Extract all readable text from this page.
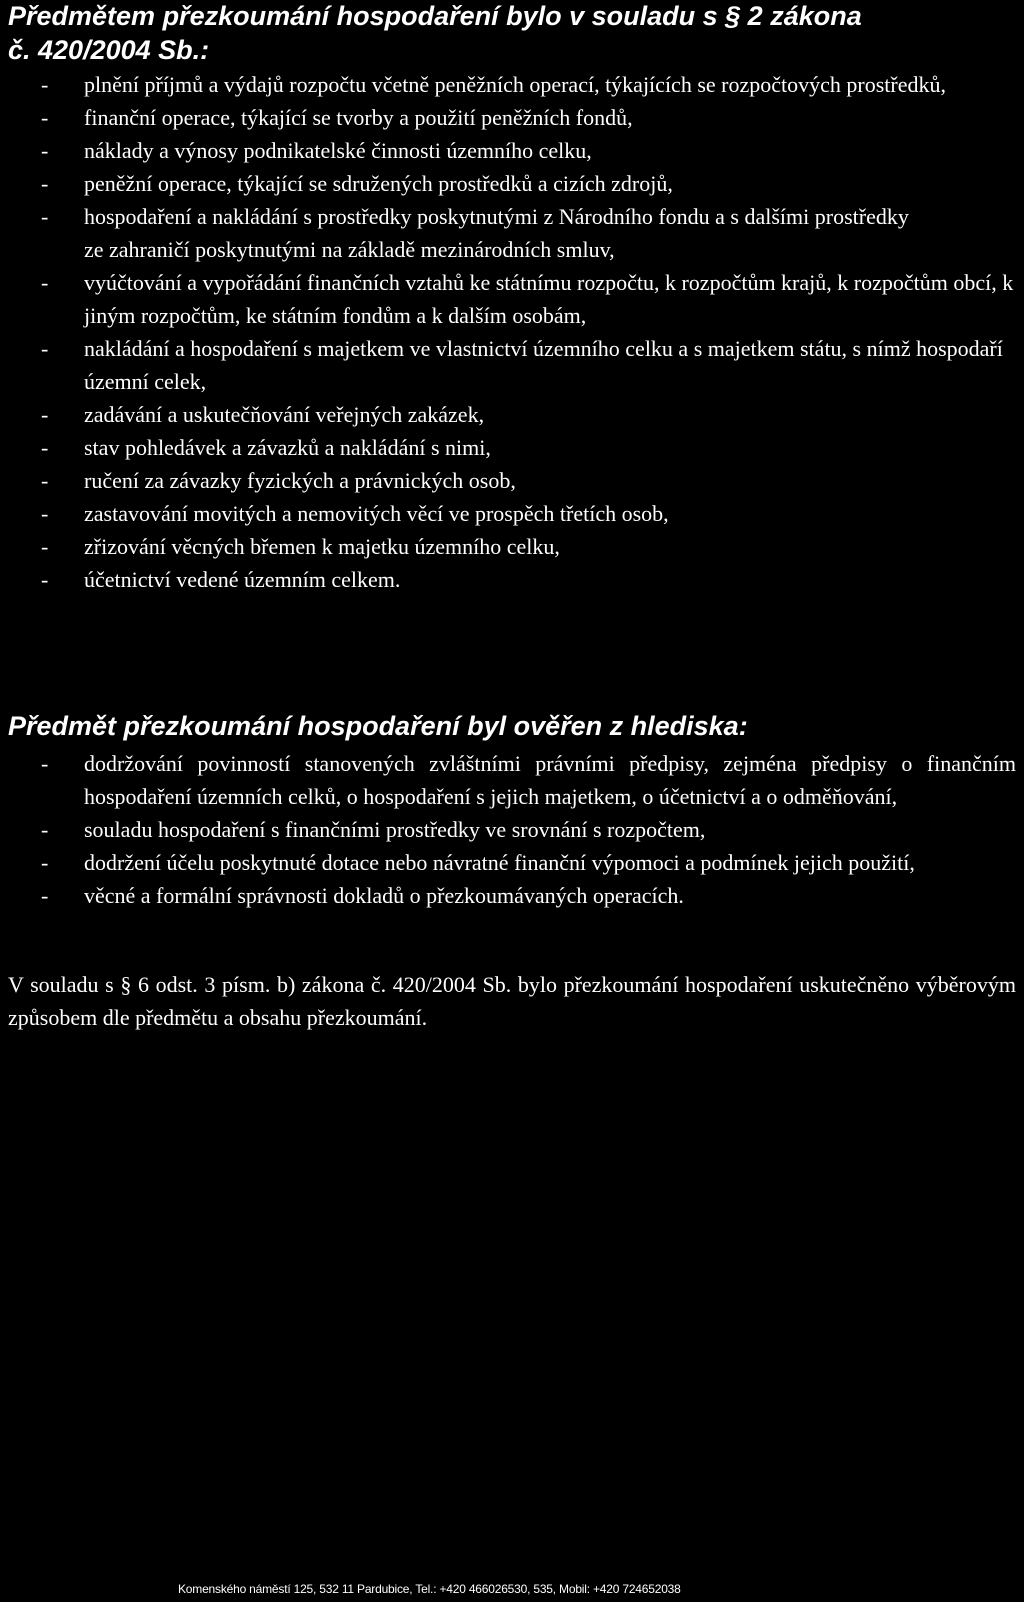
Předmětem přezkoumání hospodaření bylo v souladu s § 2 zákona
č. 420/2004 Sb.:
- plnění příjmů a výdajů rozpočtu včetně peněžních operací, týkajících se rozpočtových prostředků,
- finanční operace, týkající se tvorby a použití peněžních fondů,
- náklady a výnosy podnikatelské činnosti územního celku,
- peněžní operace, týkající se sdružených prostředků a cizích zdrojů,
- hospodaření a nakládání s prostředky poskytnutými z Národního fondu a s dalšími prostředky
ze zahraničí poskytnutými na základě mezinárodních smluv,
- vyúčtování a vypořádání finančních vztahů ke státnímu rozpočtu, k rozpočtům krajů, k rozpočtům obcí, k jiným rozpočtům, ke státním fondům a k dalším osobám,
- nakládání a hospodaření s majetkem ve vlastnictví územního celku a s majetkem státu, s nímž hospodaří územní celek,
- zadávání a uskutečňování veřejných zakázek,
- stav pohledávek a závazků a nakládání s nimi,
- ručení za závazky fyzických a právnických osob,
- zastavování movitých a nemovitých věcí ve prospěch třetích osob,
- zřizování věcných břemen k majetku územního celku,
- účetnictví vedené územním celkem.
Předmět přezkoumání hospodaření byl ověřen z hlediska:
- dodržování povinností stanovených zvláštními právními předpisy, zejména předpisy o finančním hospodaření územních celků, o hospodaření s jejich majetkem, o účetnictví a o odměňování,
- souladu hospodaření s finančními prostředky ve srovnání s rozpočtem,
- dodržení účelu poskytnuté dotace nebo návratné finanční výpomoci a podmínek jejich použití,
- věcné a formální správnosti dokladů o přezkoumávaných operacích.

V souladu s § 6 odst. 3 písm. b) zákona č. 420/2004 Sb. bylo přezkoumání hospodaření uskutečněno výběrovým způsobem dle předmětu a obsahu přezkoumání.

Komenského náměstí 125, 532 11 Pardubice, Tel.: +420 466026530, 535, Mobil: +420 724652038
